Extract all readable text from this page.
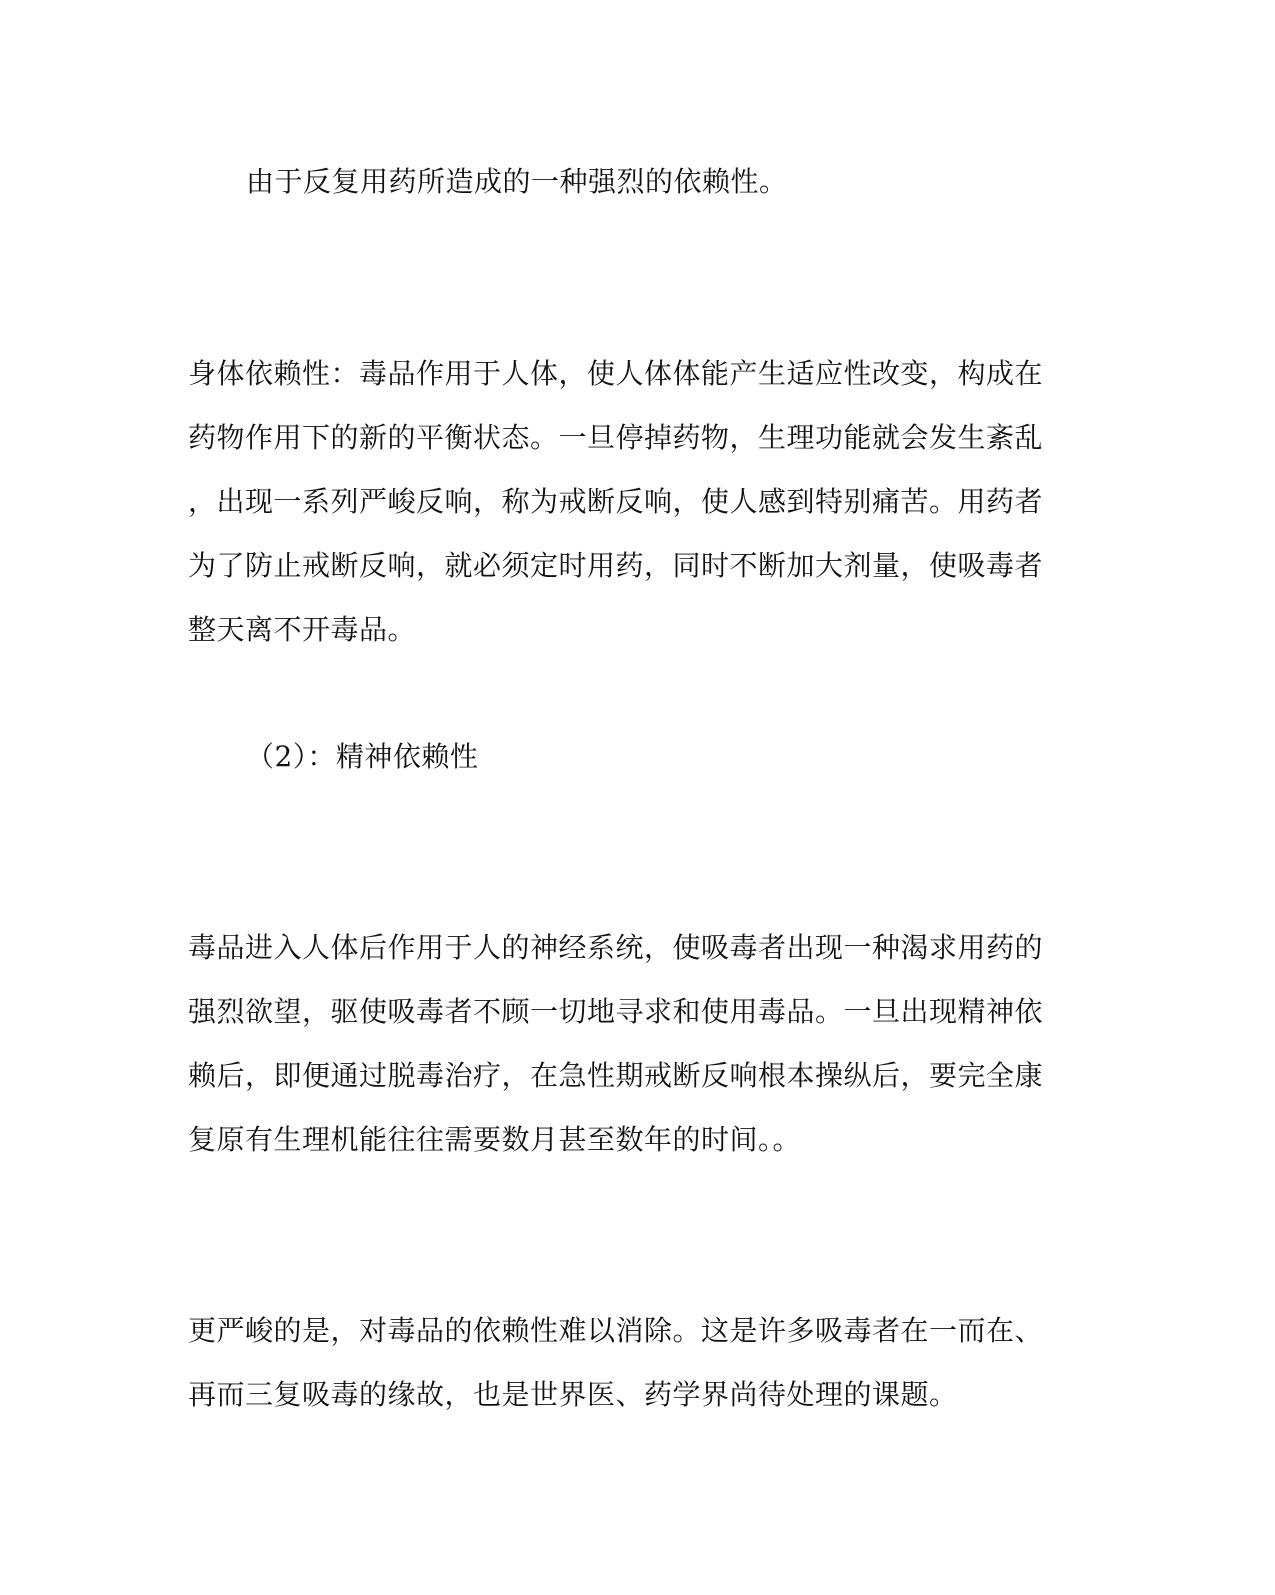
由于反复用药所造成的一种强烈的依赖性。
身体依赖性：毒品作用于人体，使人体体能产生适应性改变，构成在
药物作用下的新的平衡状态。一旦停掉药物，生理功能就会发生紊乱
，出现一系列严峻反响，称为戒断反响，使人感到特别痛苦。用药者
为了防止戒断反响，就必须定时用药，同时不断加大剂量，使吸毒者
整天离不开毒品。
（2）：精神依赖性
毒品进入人体后作用于人的神经系统，使吸毒者出现一种渴求用药的
强烈欲望，驱使吸毒者不顾一切地寻求和使用毒品。一旦出现精神依
赖后，即便通过脱毒治疗，在急性期戒断反响根本操纵后，要完全康
复原有生理机能往往需要数月甚至数年的时间。。
更严峻的是，对毒品的依赖性难以消除。这是许多吸毒者在一而在、
再而三复吸毒的缘故，也是世界医、药学界尚待处理的课题。
